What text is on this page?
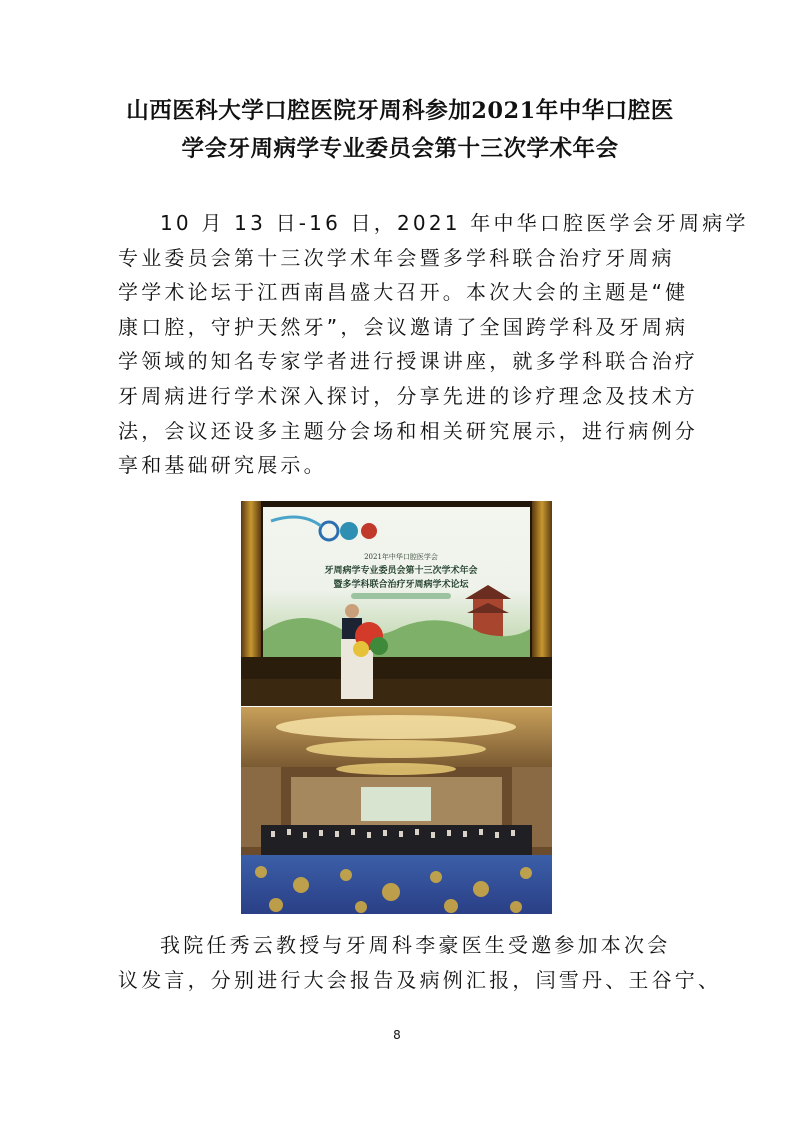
山西医科大学口腔医院牙周科参加2021年中华口腔医
学会牙周病学专业委员会第十三次学术年会
10 月 13 日-16 日，2021 年中华口腔医学会牙周病学
专业委员会第十三次学术年会暨多学科联合治疗牙周病
学学术论坛于江西南昌盛大召开。本次大会的主题是“健
康口腔，守护天然牙”，会议邀请了全国跨学科及牙周病
学领域的知名专家学者进行授课讲座，就多学科联合治疗
牙周病进行学术深入探讨，分享先进的诊疗理念及技术方
法，会议还设多主题分会场和相关研究展示，进行病例分
享和基础研究展示。
2021年中华口腔医学会
牙周病学专业委员会第十三次学术年会
暨多学科联合治疗牙周病学术论坛
我院任秀云教授与牙周科李豪医生受邀参加本次会
议发言，分别进行大会报告及病例汇报，闫雪丹、王谷宁、
8
